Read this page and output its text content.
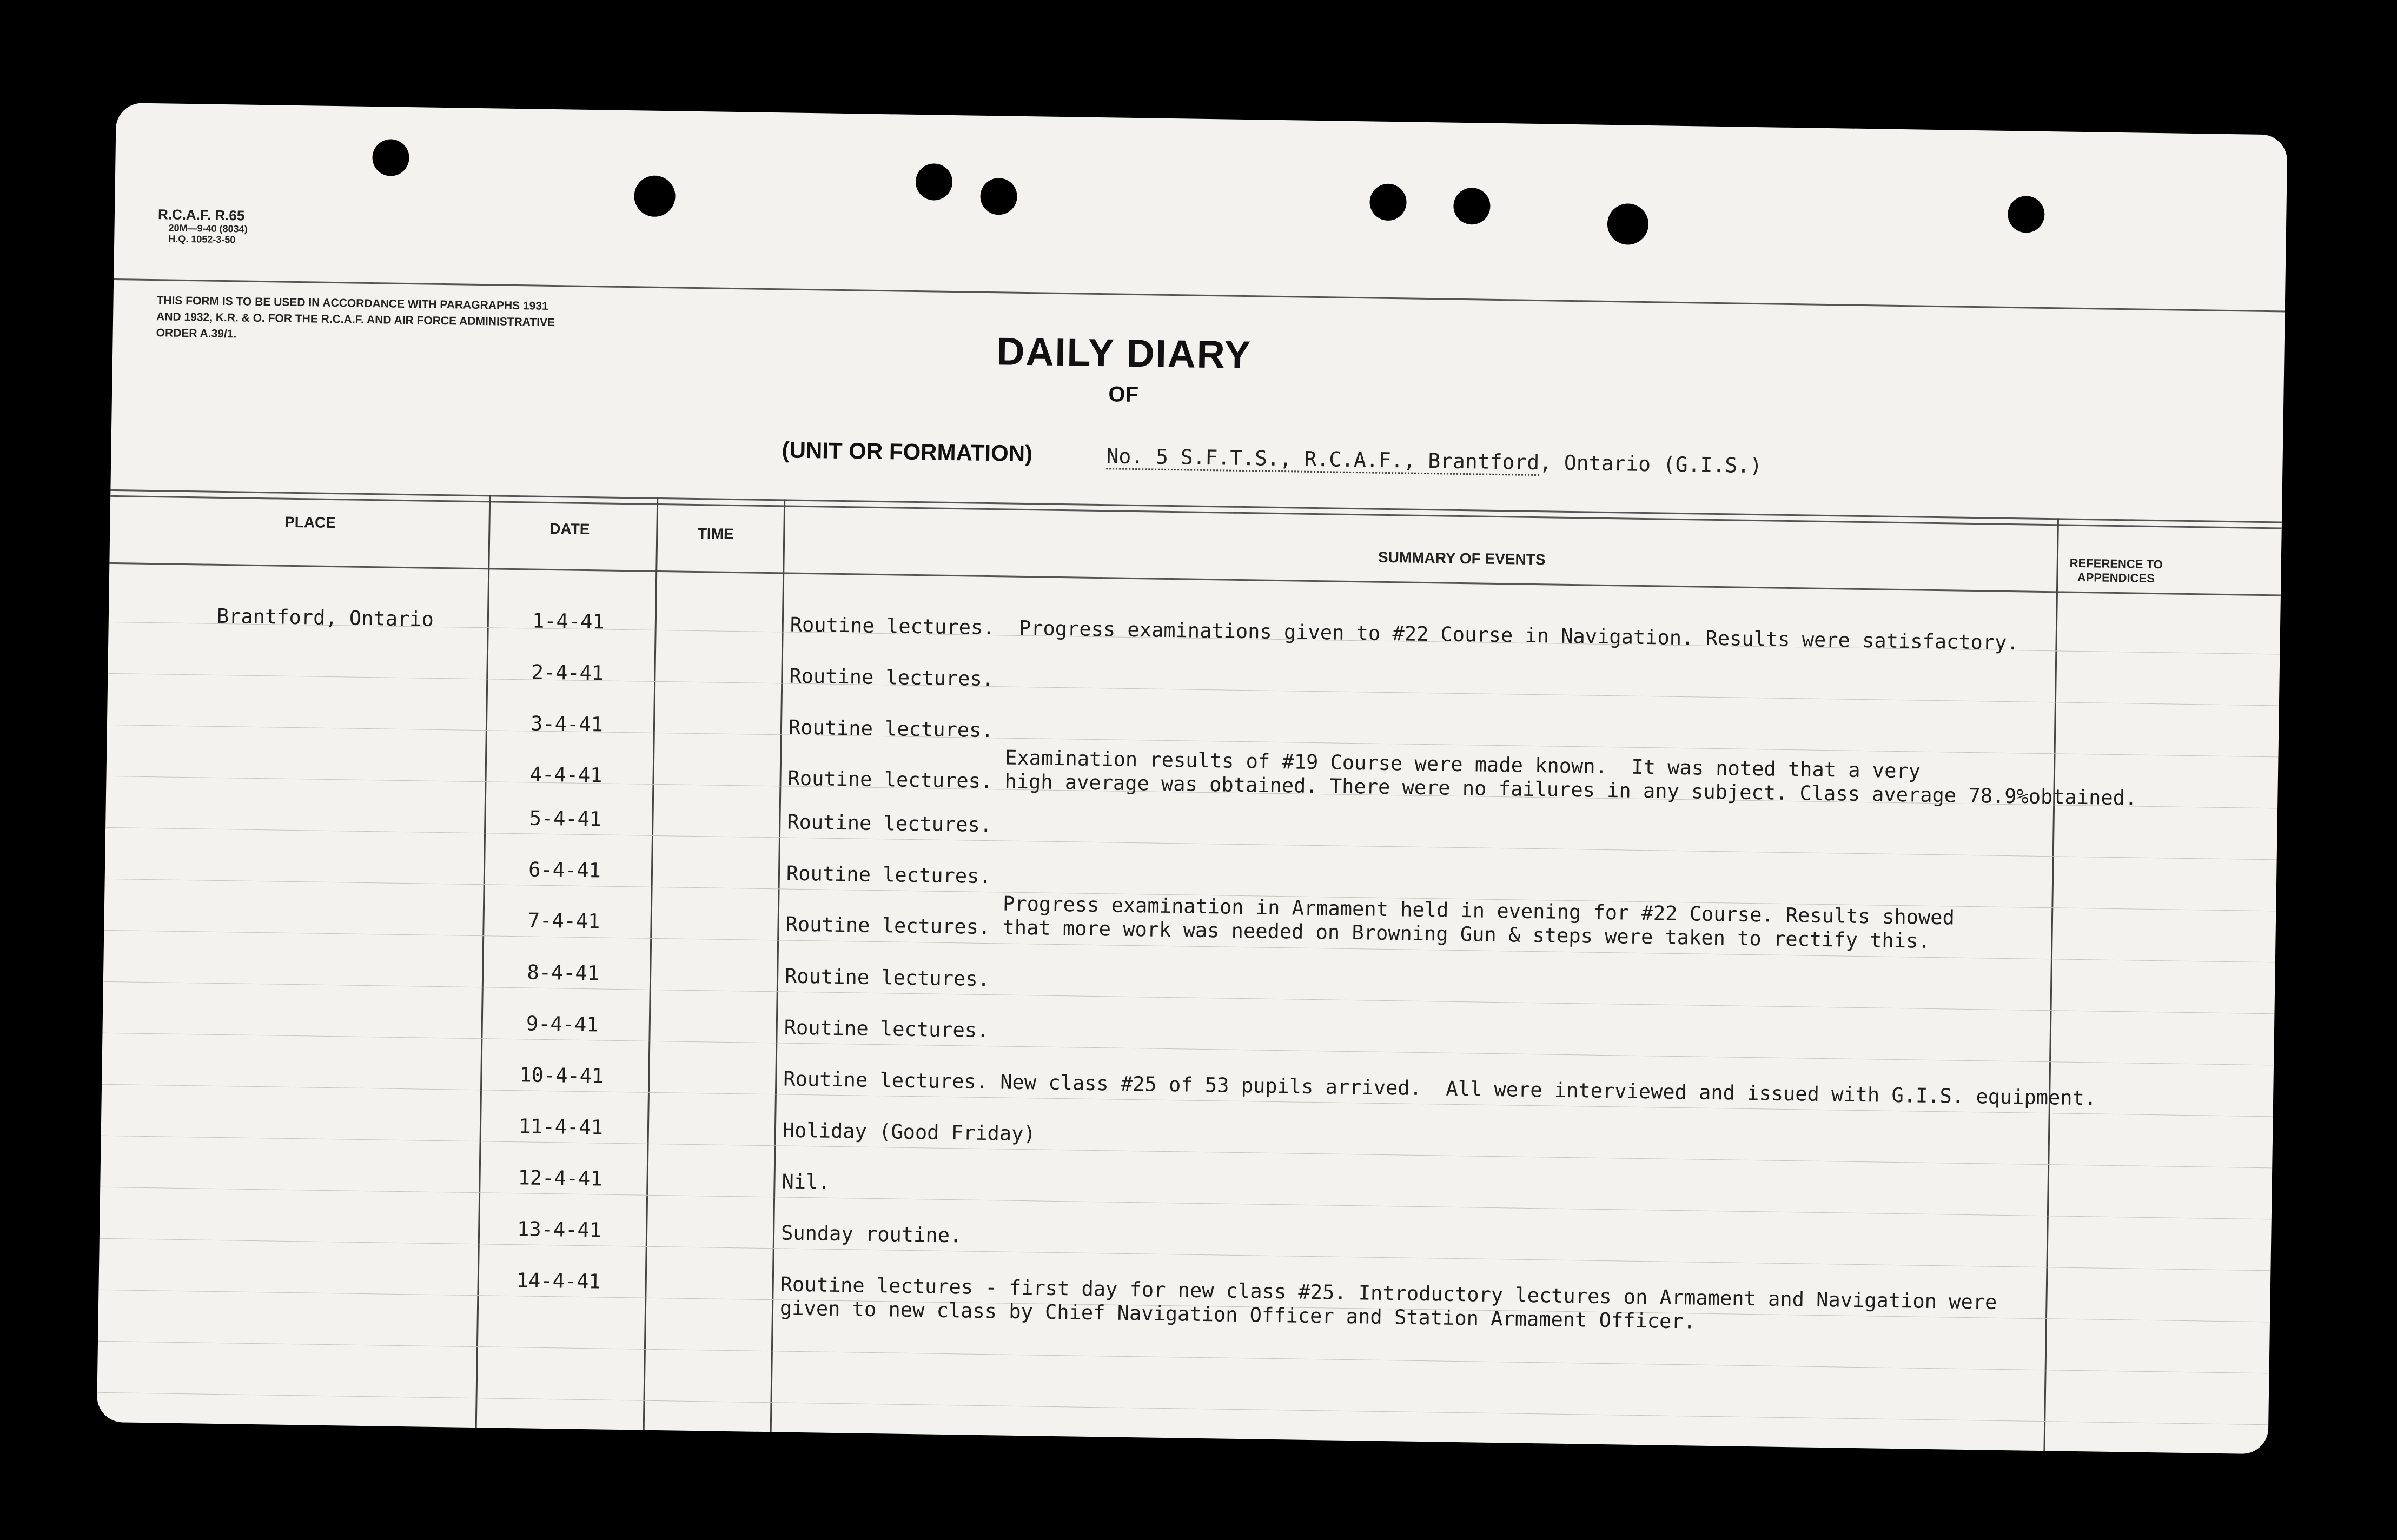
R.C.A.F. R.65
20M—9-40 (8034)
H.Q. 1052-3-50
THIS FORM IS TO BE USED IN ACCORDANCE WITH PARAGRAPHS 1931 AND 1932, K.R. & O. FOR THE R.C.A.F. AND AIR FORCE ADMINISTRATIVE ORDER A.39/1.	DAILY DIARY
OF
(UNIT OR FORMATION)	No. 5 S.F.T.S., R.C.A.F., Brantford, Ontario (G.I.S.)
PLACE	DATE	TIME
SUMMARY OF EVENTS	REFERENCE TO APPENDICES
Brantford, Ontario	1-4-41	Routine lectures.  Progress examinations given to #22 Course in Navigation. Results were satisfactory.
2-4-41	Routine lectures.
3-4-41	Routine lectures.
4-4-41	Examination results of #19 Course were made known.  It was noted that a very
Routine lectures. high average was obtained. There were no failures in any subject. Class average 78.9%obtained.
5-4-41	Routine lectures.
6-4-41	Routine lectures.
7-4-41	Progress examination in Armament held in evening for #22 Course. Results showed
Routine lectures. that more work was needed on Browning Gun & steps were taken to rectify this.
8-4-41	Routine lectures.
9-4-41	Routine lectures.
10-4-41	Routine lectures. New class #25 of 53 pupils arrived.  All were interviewed and issued with G.I.S. equipment.
11-4-41	Holiday (Good Friday)
12-4-41	Nil.
13-4-41	Sunday routine.
14-4-41	Routine lectures - first day for new class #25. Introductory lectures on Armament and Navigation were
given to new class by Chief Navigation Officer and Station Armament Officer.
